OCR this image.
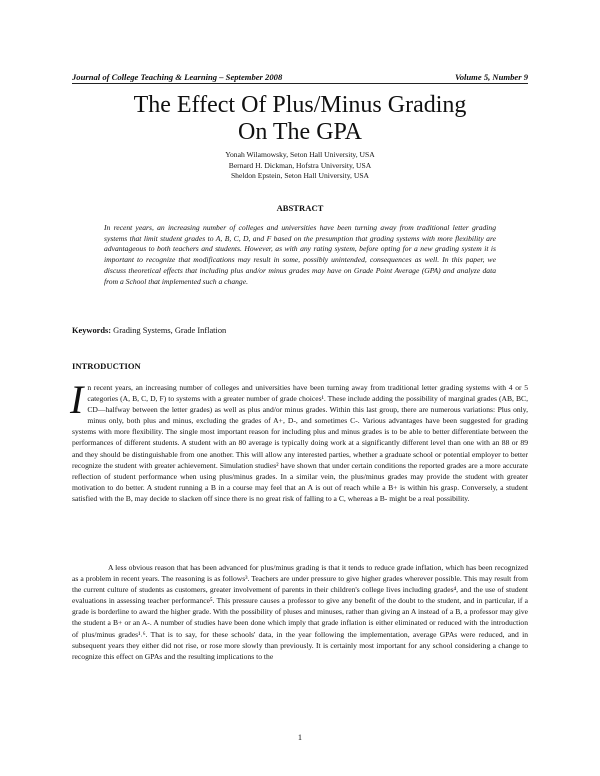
Journal of College Teaching & Learning – September 2008	Volume 5, Number 9
The Effect Of Plus/Minus Grading
On The GPA
Yonah Wilamowsky, Seton Hall University, USA
Bernard H. Dickman, Hofstra University, USA
Sheldon Epstein, Seton Hall University, USA
ABSTRACT
In recent years, an increasing number of colleges and universities have been turning away from traditional letter grading systems that limit student grades to A, B, C, D, and F based on the presumption that grading systems with more flexibility are advantageous to both teachers and students. However, as with any rating system, before opting for a new grading system it is important to recognize that modifications may result in some, possibly unintended, consequences as well. In this paper, we discuss theoretical effects that including plus and/or minus grades may have on Grade Point Average (GPA) and analyze data from a School that implemented such a change.
Keywords: Grading Systems, Grade Inflation
INTRODUCTION
In recent years, an increasing number of colleges and universities have been turning away from traditional letter grading systems with 4 or 5 categories (A, B, C, D, F) to systems with a greater number of grade choices¹. These include adding the possibility of marginal grades (AB, BC, CD—halfway between the letter grades) as well as plus and/or minus grades. Within this last group, there are numerous variations: Plus only, minus only, both plus and minus, excluding the grades of A+, D-, and sometimes C-. Various advantages have been suggested for grading systems with more flexibility. The single most important reason for including plus and minus grades is to be able to better differentiate between the performances of different students. A student with an 80 average is typically doing work at a significantly different level than one with an 88 or 89 and they should be distinguishable from one another. This will allow any interested parties, whether a graduate school or potential employer to better recognize the student with greater achievement. Simulation studies² have shown that under certain conditions the reported grades are a more accurate reflection of student performance when using plus/minus grades. In a similar vein, the plus/minus grades may provide the student with greater motivation to do better. A student running a B in a course may feel that an A is out of reach while a B+ is within his grasp. Conversely, a student satisfied with the B, may decide to slacken off since there is no great risk of falling to a C, whereas a B- might be a real possibility.
A less obvious reason that has been advanced for plus/minus grading is that it tends to reduce grade inflation, which has been recognized as a problem in recent years. The reasoning is as follows³. Teachers are under pressure to give higher grades wherever possible. This may result from the current culture of students as customers, greater involvement of parents in their children's college lives including grades⁴, and the use of student evaluations in assessing teacher performance⁵. This pressure causes a professor to give any benefit of the doubt to the student, and in particular, if a grade is borderline to award the higher grade. With the possibility of pluses and minuses, rather than giving an A instead of a B, a professor may give the student a B+ or an A-. A number of studies have been done which imply that grade inflation is either eliminated or reduced with the introduction of plus/minus grades¹˒⁶. That is to say, for these schools' data, in the year following the implementation, average GPAs were reduced, and in subsequent years they either did not rise, or rose more slowly than previously. It is certainly most important for any school considering a change to recognize this effect on GPAs and the resulting implications to the
1
